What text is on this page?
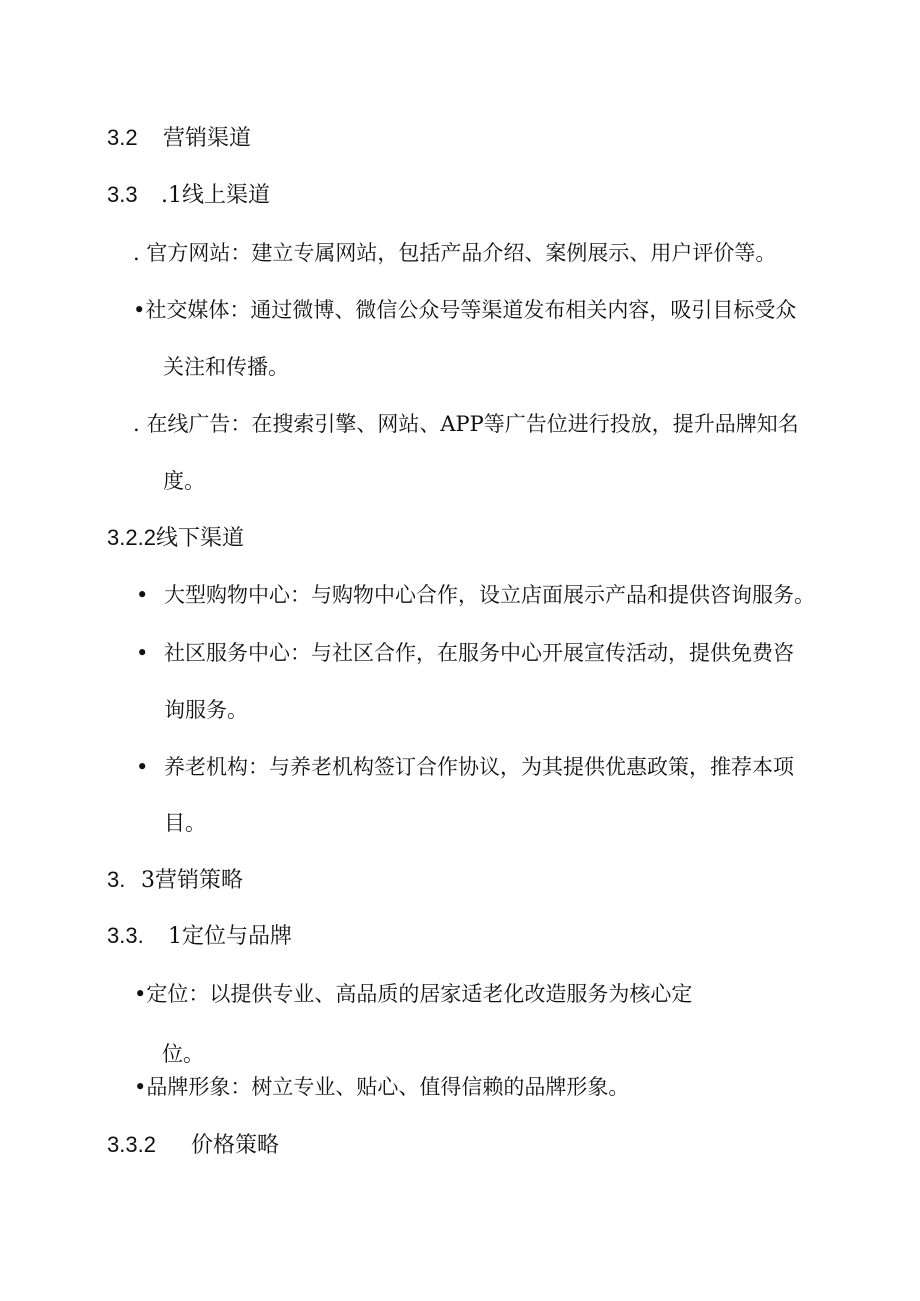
3.2 营销渠道
3.3 .1线上渠道
. 官方网站：建立专属网站，包括产品介绍、案例展示、用户评价等。
•社交媒体：通过微博、微信公众号等渠道发布相关内容，吸引目标受众
关注和传播。
. 在线广告：在搜索引擎、网站、APP等广告位进行投放，提升品牌知名
度。
3.2.2线下渠道
• 大型购物中心：与购物中心合作，设立店面展示产品和提供咨询服务。
• 社区服务中心：与社区合作，在服务中心开展宣传活动，提供免费咨
询服务。
• 养老机构：与养老机构签订合作协议，为其提供优惠政策，推荐本项
目。
3. 3营销策略
3.3. 1定位与品牌
•定位：以提供专业、高品质的居家适老化改造服务为核心定
位。
•品牌形象：树立专业、贴心、值得信赖的品牌形象。
3.3.2 价格策略
